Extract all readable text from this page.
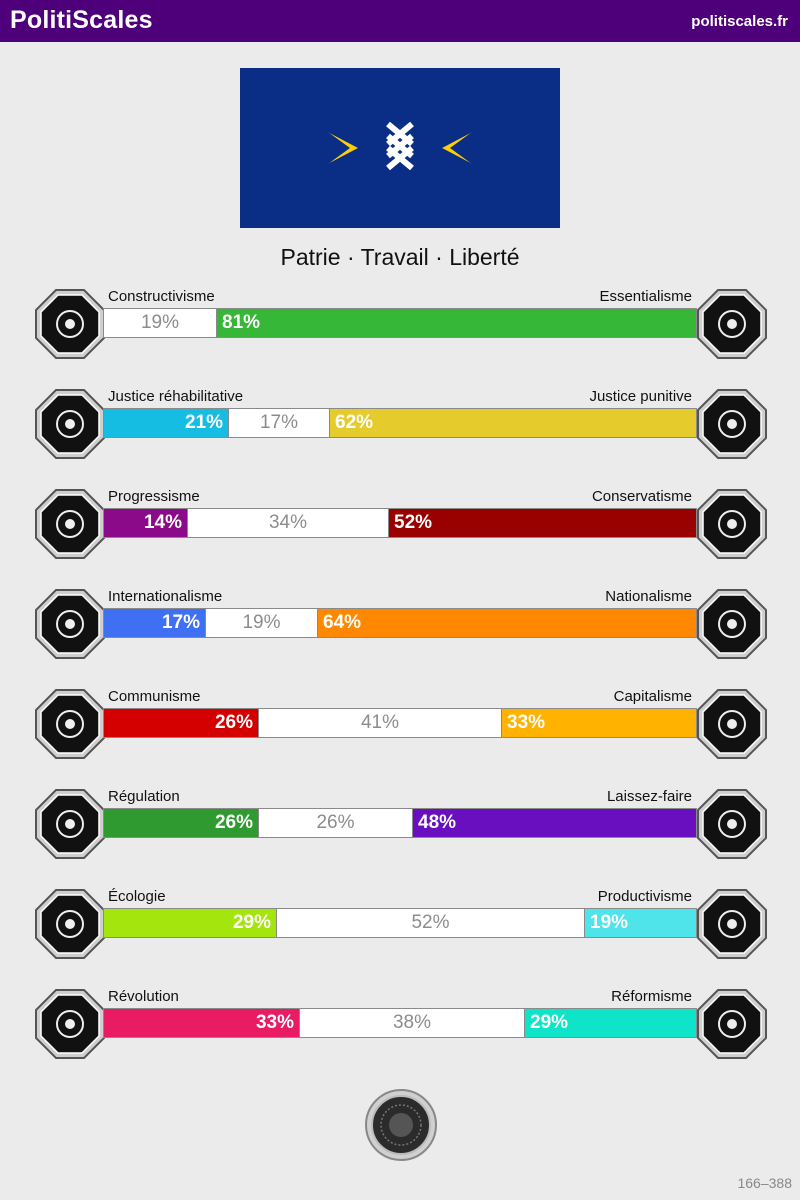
PolitiScales	politiscales.fr
Patrie · Travail · Liberté
Constructivisme	Essentialisme
19%	81%
Justice réhabilitative	Justice punitive
21%	17%	62%
Progressisme	Conservatisme
14%	34%	52%
Internationalisme	Nationalisme
17%	19%	64%
Communisme	Capitalisme
26%	41%	33%
Régulation	Laissez-faire
26%	26%	48%
Écologie	Productivisme
29%	52%	19%
Révolution	Réformisme
33%	38%	29%
166–388
